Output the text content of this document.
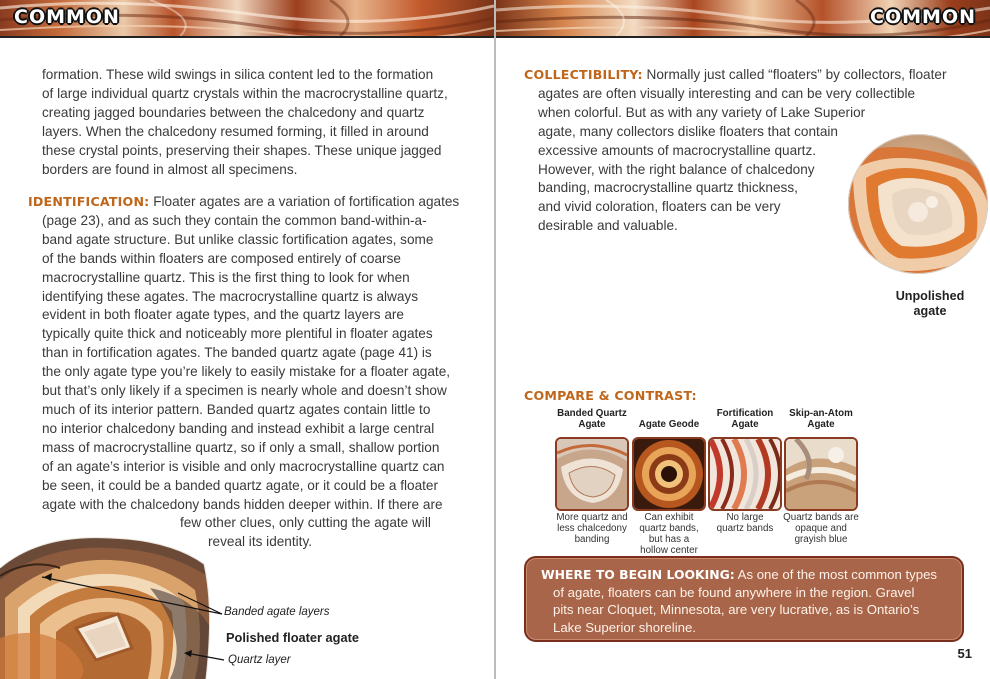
COMMON
formation. These wild swings in silica content led to the formation
of large individual quartz crystals within the macrocrystalline quartz,
creating jagged boundaries between the chalcedony and quartz
layers. When the chalcedony resumed forming, it filled in around
these crystal points, preserving their shapes. These unique jagged
borders are found in almost all specimens.
IDENTIFICATION: Floater agates are a variation of fortification agates
(page 23), and as such they contain the common band-within-a-
band agate structure. But unlike classic fortification agates, some
of the bands within floaters are composed entirely of coarse
macrocrystalline quartz. This is the first thing to look for when
identifying these agates. The macrocrystalline quartz is always
evident in both floater agate types, and the quartz layers are
typically quite thick and noticeably more plentiful in floater agates
than in fortification agates. The banded quartz agate (page 41) is
the only agate type you’re likely to easily mistake for a floater agate,
but that’s only likely if a specimen is nearly whole and doesn’t show
much of its interior pattern. Banded quartz agates contain little to
no interior chalcedony banding and instead exhibit a large central
mass of macrocrystalline quartz, so if only a small, shallow portion
of an agate’s interior is visible and only macrocrystalline quartz can
be seen, it could be a banded quartz agate, or it could be a floater
agate with the chalcedony bands hidden deeper within. If there are
few other clues, only cutting the agate will
reveal its identity.
Banded agate layers
Polished floater agate
Quartz layer
COMMON
COLLECTIBILITY: Normally just called “floaters” by collectors, floater
agates are often visually interesting and can be very collectible
when colorful. But as with any variety of Lake Superior
agate, many collectors dislike floaters that contain
excessive amounts of macrocrystalline quartz.
However, with the right balance of chalcedony
banding, macrocrystalline quartz thickness,
and vivid coloration, floaters can be very
desirable and valuable.
Unpolished
agate
COMPARE & CONTRAST:
Banded Quartz
Agate
More quartz and
less chalcedony
banding
Agate Geode
Can exhibit
quartz bands,
but has a
hollow center
Fortification
Agate
No large
quartz bands
Skip-an-Atom
Agate
Quartz bands are
opaque and
grayish blue
WHERE TO BEGIN LOOKING: As one of the most common types
of agate, floaters can be found anywhere in the region. Gravel
pits near Cloquet, Minnesota, are very lucrative, as is Ontario’s
Lake Superior shoreline.
51
